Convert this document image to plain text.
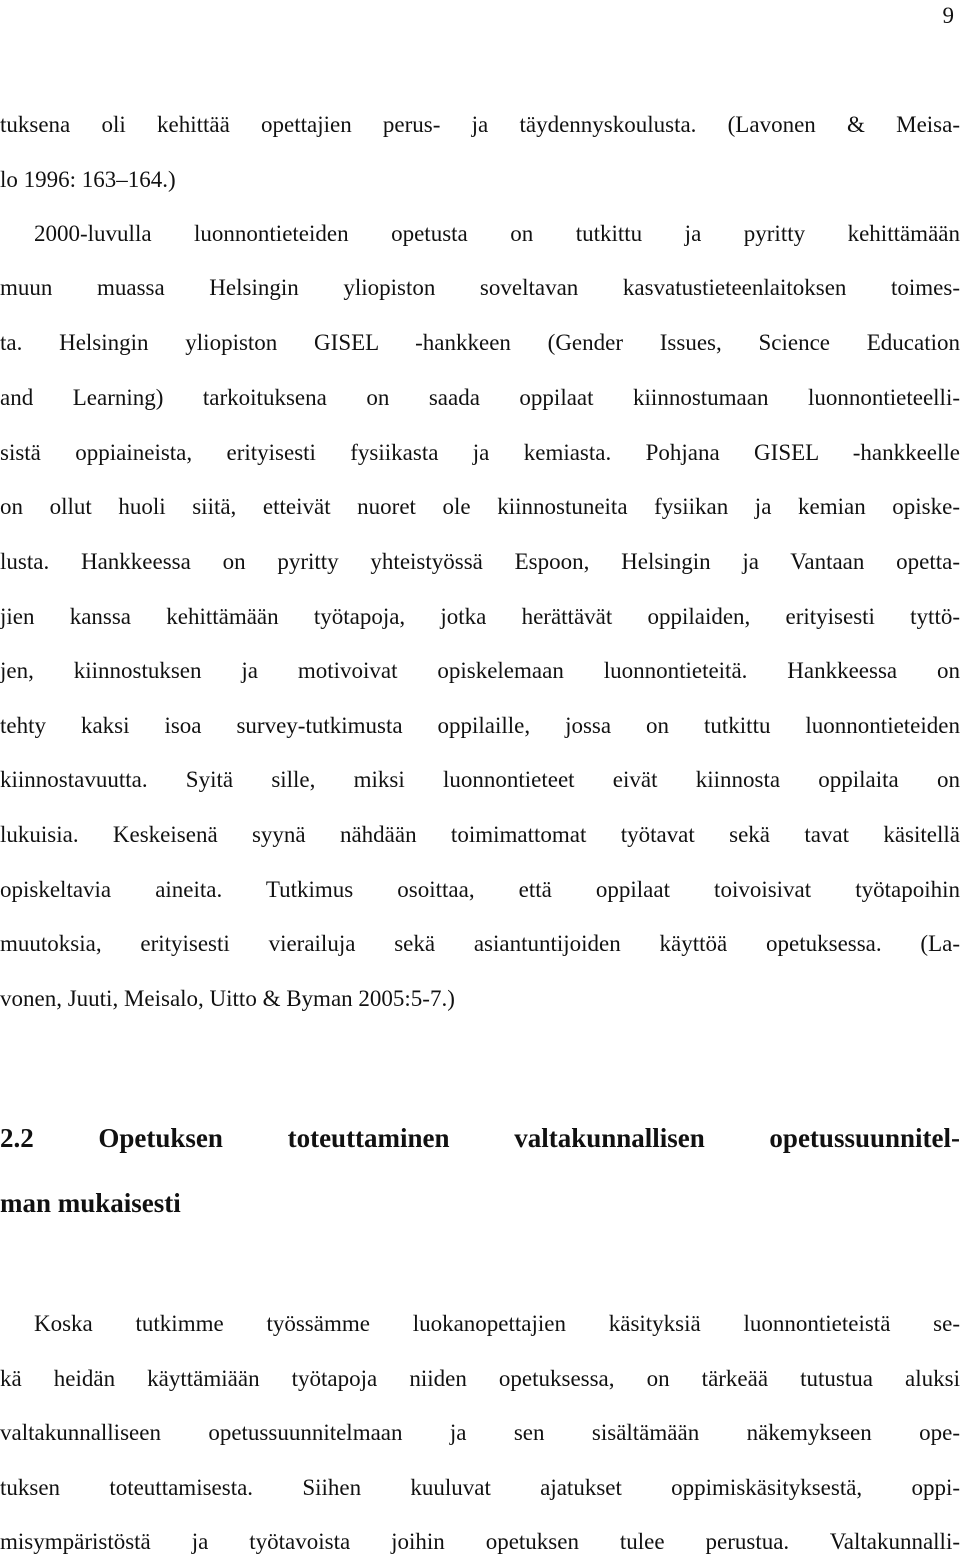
9
tuksena oli kehittää opettajien perus- ja täydennyskoulusta. (Lavonen & Meisa-
lo 1996: 163–164.)
2000-luvulla luonnontieteiden opetusta on tutkittu ja pyritty kehittämään
muun muassa Helsingin yliopiston soveltavan kasvatustieteenlaitoksen toimes-
ta. Helsingin yliopiston GISEL -hankkeen (Gender Issues, Science Education
and Learning) tarkoituksena on saada oppilaat kiinnostumaan luonnontieteelli-
sistä oppiaineista, erityisesti fysiikasta ja kemiasta. Pohjana GISEL -hankkeelle
on ollut huoli siitä, etteivät nuoret ole kiinnostuneita fysiikan ja kemian opiske-
lusta. Hankkeessa on pyritty yhteistyössä Espoon, Helsingin ja Vantaan opetta-
jien kanssa kehittämään työtapoja, jotka herättävät oppilaiden, erityisesti tyttö-
jen, kiinnostuksen ja motivoivat opiskelemaan luonnontieteitä. Hankkeessa on
tehty kaksi isoa survey-tutkimusta oppilaille, jossa on tutkittu luonnontieteiden
kiinnostavuutta. Syitä sille, miksi luonnontieteet eivät kiinnosta oppilaita on
lukuisia. Keskeisenä syynä nähdään toimimattomat työtavat sekä tavat käsitellä
opiskeltavia aineita. Tutkimus osoittaa, että oppilaat toivoisivat työtapoihin
muutoksia, erityisesti vierailuja sekä asiantuntijoiden käyttöä opetuksessa. (La-
vonen, Juuti, Meisalo, Uitto & Byman 2005:5-7.)
2.2 Opetuksen toteuttaminen valtakunnallisen opetussuunnitel-
man mukaisesti
Koska tutkimme työssämme luokanopettajien käsityksiä luonnontieteistä se-
kä heidän käyttämiään työtapoja niiden opetuksessa, on tärkeää tutustua aluksi
valtakunnalliseen opetussuunnitelmaan ja sen sisältämään näkemykseen ope-
tuksen toteuttamisesta. Siihen kuuluvat ajatukset oppimiskäsityksestä, oppi-
misympäristöstä ja työtavoista joihin opetuksen tulee perustua. Valtakunnalli-
